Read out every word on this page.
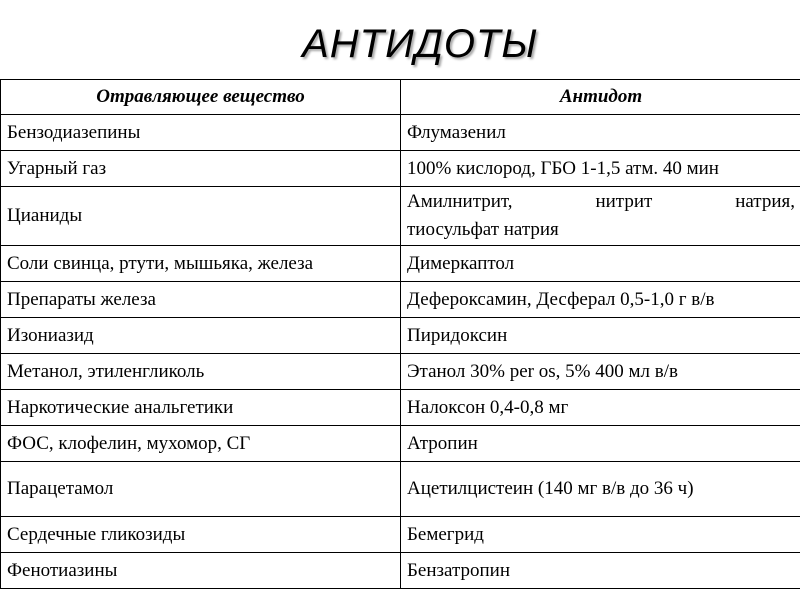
АНТИДОТЫ
Отравляющее вещество	Антидот
Бензодиазепины	Флумазенил
Угарный газ	100% кислород, ГБО 1-1,5 атм. 40 мин
Цианиды	Амилнитрит, нитрит натрия,
тиосульфат натрия

Соли свинца, ртути, мышьяка, железа	Димеркаптол
Препараты железа	Дефероксамин, Десферал 0,5-1,0 г в/в
Изониазид	Пиридоксин
Метанол, этиленгликоль	Этанол 30% per os, 5% 400 мл в/в
Наркотические анальгетики	Налоксон 0,4-0,8 мг
ФОС, клофелин, мухомор, СГ	Атропин
Парацетамол	Ацетилцистеин (140 мг в/в до 36 ч)
Сердечные гликозиды	Бемегрид
Фенотиазины	Бензатропин
